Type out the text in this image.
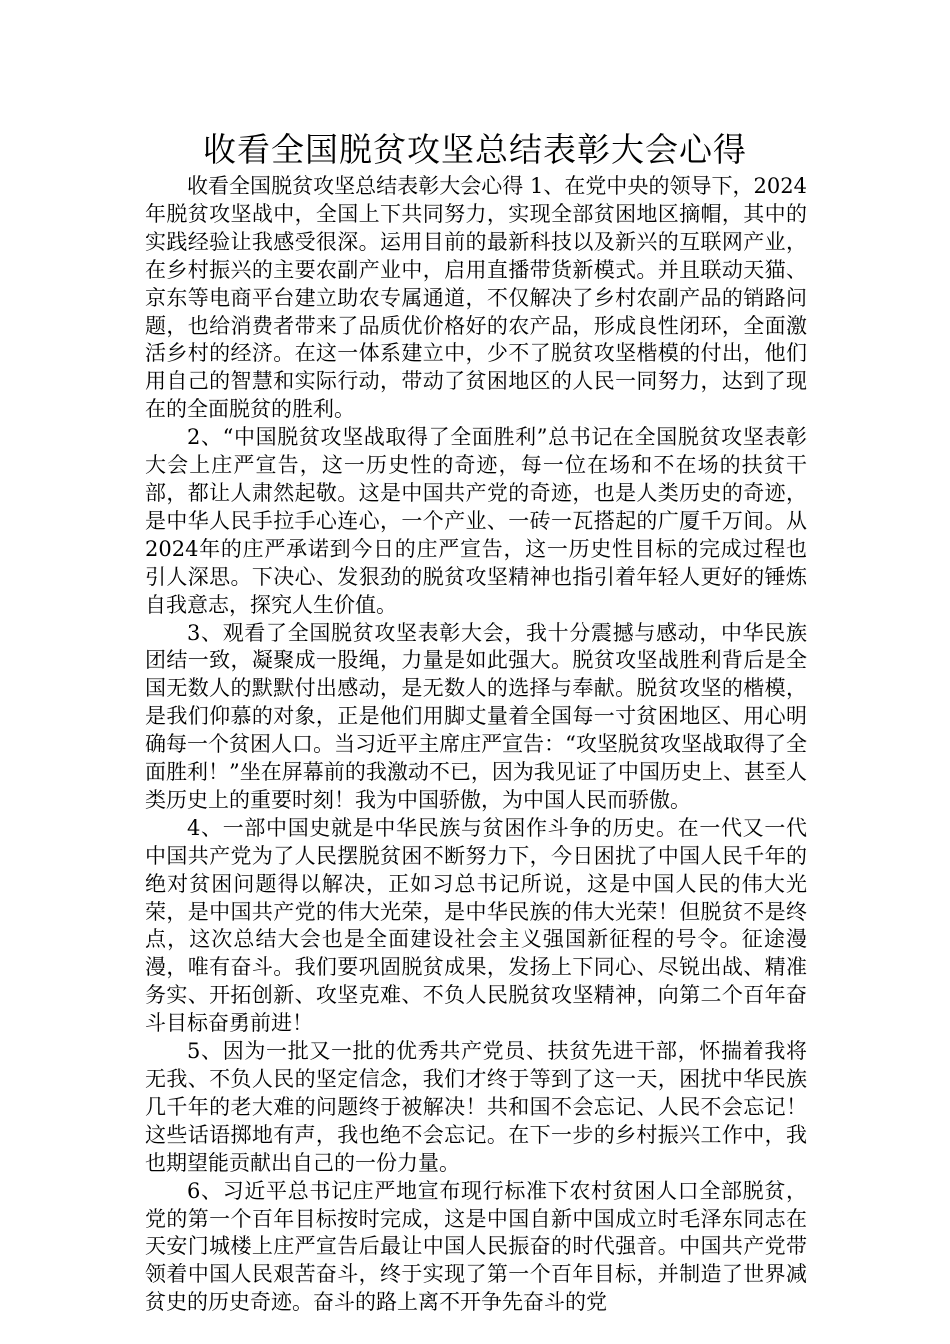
收看全国脱贫攻坚总结表彰大会心得

收看全国脱贫攻坚总结表彰大会心得 1、在党中央的领导下，2024年脱贫攻坚战中，全国上下共同努力，实现全部贫困地区摘帽，其中的实践经验让我感受很深。运用目前的最新科技以及新兴的互联网产业，在乡村振兴的主要农副产业中，启用直播带货新模式。并且联动天猫、京东等电商平台建立助农专属通道，不仅解决了乡村农副产品的销路问题，也给消费者带来了品质优价格好的农产品，形成良性闭环，全面激活乡村的经济。在这一体系建立中，少不了脱贫攻坚楷模的付出，他们用自己的智慧和实际行动，带动了贫困地区的人民一同努力，达到了现在的全面脱贫的胜利。

2、“中国脱贫攻坚战取得了全面胜利”总书记在全国脱贫攻坚表彰大会上庄严宣告，这一历史性的奇迹，每一位在场和不在场的扶贫干部，都让人肃然起敬。这是中国共产党的奇迹，也是人类历史的奇迹，是中华人民手拉手心连心，一个产业、一砖一瓦搭起的广厦千万间。从2024年的庄严承诺到今日的庄严宣告，这一历史性目标的完成过程也引人深思。下决心、发狠劲的脱贫攻坚精神也指引着年轻人更好的锤炼自我意志，探究人生价值。

3、观看了全国脱贫攻坚表彰大会，我十分震撼与感动，中华民族团结一致，凝聚成一股绳，力量是如此强大。脱贫攻坚战胜利背后是全国无数人的默默付出感动，是无数人的选择与奉献。脱贫攻坚的楷模，是我们仰慕的对象，正是他们用脚丈量着全国每一寸贫困地区、用心明确每一个贫困人口。当习近平主席庄严宣告：“攻坚脱贫攻坚战取得了全面胜利！”坐在屏幕前的我激动不已，因为我见证了中国历史上、甚至人类历史上的重要时刻！我为中国骄傲，为中国人民而骄傲。

4、一部中国史就是中华民族与贫困作斗争的历史。在一代又一代中国共产党为了人民摆脱贫困不断努力下，今日困扰了中国人民千年的绝对贫困问题得以解决，正如习总书记所说，这是中国人民的伟大光荣，是中国共产党的伟大光荣，是中华民族的伟大光荣！但脱贫不是终点，这次总结大会也是全面建设社会主义强国新征程的号令。征途漫漫，唯有奋斗。我们要巩固脱贫成果，发扬上下同心、尽锐出战、精准务实、开拓创新、攻坚克难、不负人民脱贫攻坚精神，向第二个百年奋斗目标奋勇前进！

5、因为一批又一批的优秀共产党员、扶贫先进干部，怀揣着我将无我、不负人民的坚定信念，我们才终于等到了这一天，困扰中华民族几千年的老大难的问题终于被解决！共和国不会忘记、人民不会忘记！这些话语掷地有声，我也绝不会忘记。在下一步的乡村振兴工作中，我也期望能贡献出自己的一份力量。

6、习近平总书记庄严地宣布现行标准下农村贫困人口全部脱贫，党的第一个百年目标按时完成，这是中国自新中国成立时毛泽东同志在天安门城楼上庄严宣告后最让中国人民振奋的时代强音。中国共产党带领着中国人民艰苦奋斗，终于实现了第一个百年目标，并制造了世界减贫史的历史奇迹。奋斗的路上离不开争先奋斗的党
